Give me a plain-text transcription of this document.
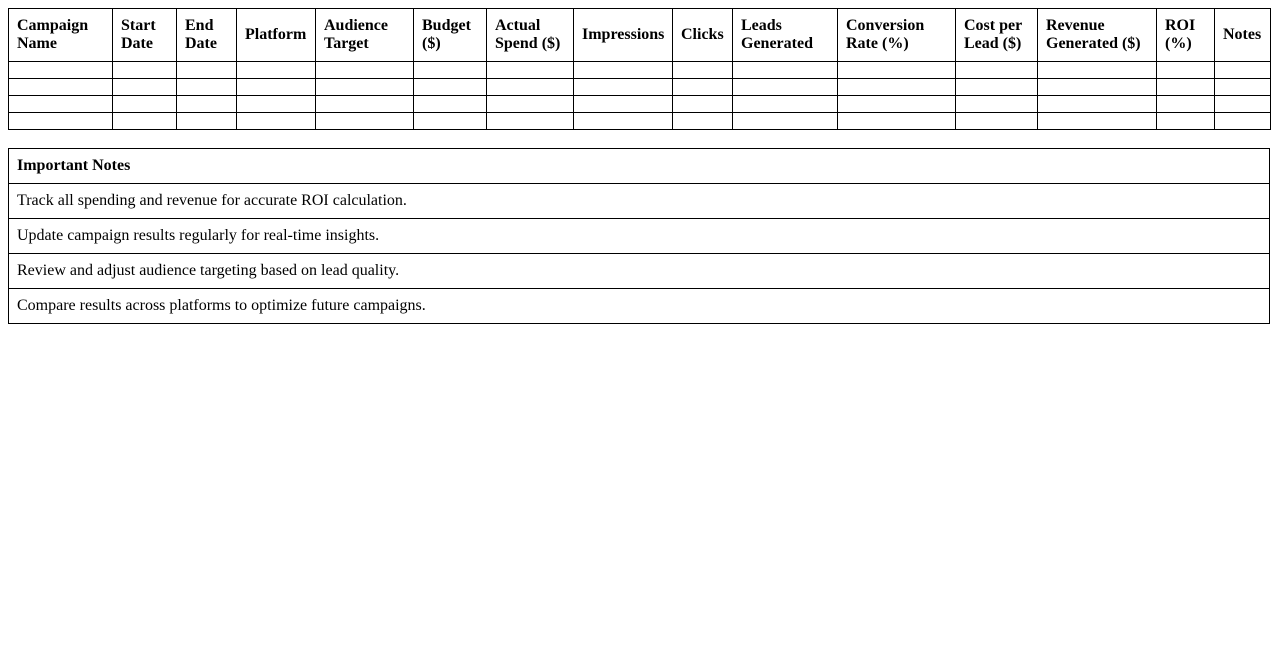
Campaign Name	Start Date	End Date	Platform	Audience Target	Budget ($)	Actual Spend ($)	Impressions	Clicks	Leads Generated	Conversion Rate (%)	Cost per Lead ($)	Revenue Generated ($)	ROI (%)	Notes

Important Notes
Track all spending and revenue for accurate ROI calculation.
Update campaign results regularly for real-time insights.
Review and adjust audience targeting based on lead quality.
Compare results across platforms to optimize future campaigns.
